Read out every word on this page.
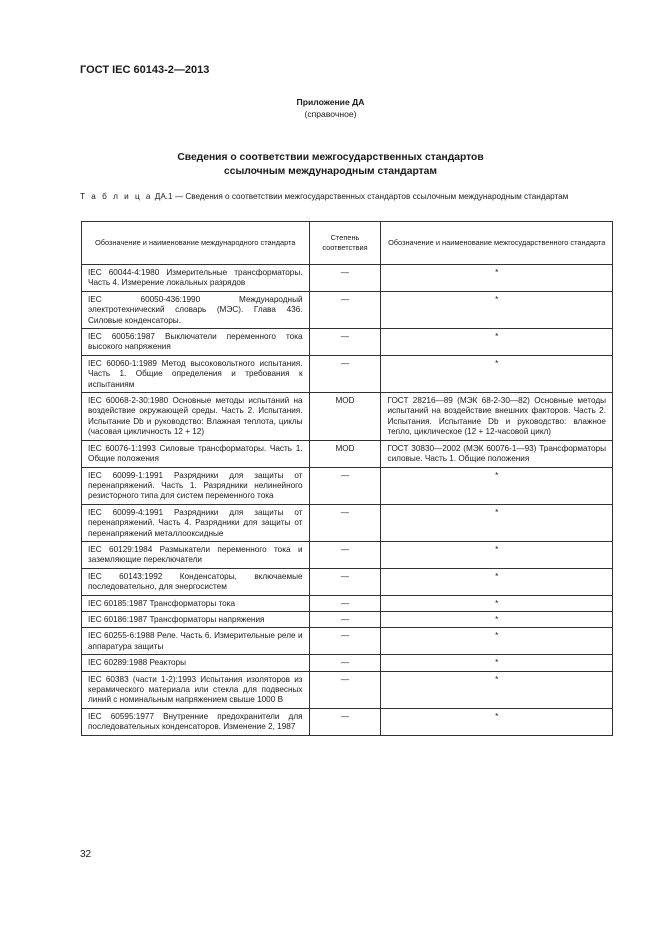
ГОСТ IEC 60143-2—2013
Приложение ДА
(справочное)
Сведения о соответствии межгосударственных стандартов
ссылочным международным стандартам
Т а б л и ц а ДА.1 — Сведения о соответствии межгосударственных стандартов ссылочным международным стандартам
Обозначение и наименование международного стандарта	Степень соответствия	Обозначение и наименование межгосударственного стандарта
IEC 60044-4:1980 Измерительные трансформаторы. Часть 4. Измерение локальных разрядов	—	*
IEC 60050-436:1990 Международный электротехнический словарь (МЭС). Глава 436. Силовые конденсаторы.	—	*
IEC 60056:1987 Выключатели переменного тока высокого напряжения	—	*
IEC 60060-1:1989 Метод высоковольтного испытания. Часть 1. Общие определения и требования к испытаниям	—	*
IEC 60068-2-30:1980 Основные методы испытаний на воздействие окружающей среды. Часть 2. Испытания. Испытание Db и руководство: Влажная теплота, циклы (часовая цикличность 12 + 12)	MOD	ГОСТ 28216—89 (МЭК 68-2-30—82) Основные методы испытаний на воздействие внешних факторов. Часть 2. Испытания. Испытание Db и руководство: влажное тепло, циклическое (12 + 12-часовой цикл)
IEC 60076-1:1993 Силовые трансформаторы. Часть 1. Общие положения	MOD	ГОСТ 30830—2002 (МЭК 60076-1—93) Трансформаторы силовые. Часть 1. Общие положения
IEC 60099-1:1991 Разрядники для защиты от перенапряжений. Часть 1. Разрядники нелинейного резисторного типа для систем переменного тока	—	*
IEC 60099-4:1991 Разрядники для защиты от перенапряжений. Часть 4. Разрядники для защиты от перенапряжений металлооксидные	—	*
IEC 60129:1984 Размыкатели переменного тока и заземляющие переключатели	—	*
IEC 60143:1992 Конденсаторы, включаемые последовательно, для энергосистем	—	*
IEC 60185:1987 Трансформаторы тока	—	*
IEC 60186:1987 Трансформаторы напряжения	—	*
IEC 60255-6:1988 Реле. Часть 6. Измерительные реле и аппаратура защиты	—	*
IEC 60289:1988 Реакторы	—	*
IEC 60383 (части 1-2):1993 Испытания изоляторов из керамического материала или стекла для подвесных линий с номинальным напряжением свыше 1000 В	—	*
IEC 60595:1977 Внутренние предохранители для последовательных конденсаторов. Изменение 2, 1987	—	*
32
